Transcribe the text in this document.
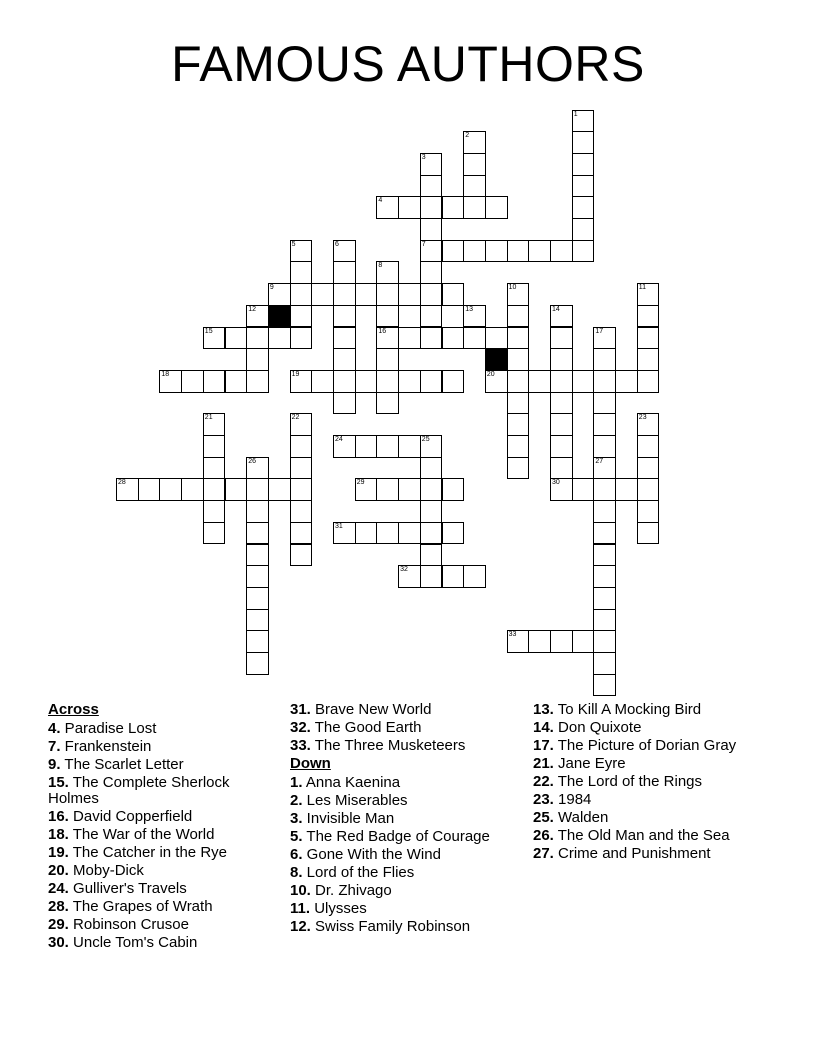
FAMOUS AUTHORS
1
2
3
7
4
5	6
8
16
9	10	11
12	13	14
30
15	17
18	19	20
21	22	23
24	25
26	27
28	29
31
32
33
Across
4. Paradise Lost
7. Frankenstein
9. The Scarlet Letter
15. The Complete Sherlock Holmes
16. David Copperfield
18. The War of the World
19. The Catcher in the Rye
20. Moby-Dick
24. Gulliver's Travels
28. The Grapes of Wrath
29. Robinson Crusoe
30. Uncle Tom's Cabin
31. Brave New World
32. The Good Earth
33. The Three Musketeers
Down
1. Anna Kaenina
2. Les Miserables
3. Invisible Man
5. The Red Badge of Courage
6. Gone With the Wind
8. Lord of the Flies
10. Dr. Zhivago
11. Ulysses
12. Swiss Family Robinson
13. To Kill A Mocking Bird
14. Don Quixote
17. The Picture of Dorian Gray
21. Jane Eyre
22. The Lord of the Rings
23. 1984
25. Walden
26. The Old Man and the Sea
27. Crime and Punishment
